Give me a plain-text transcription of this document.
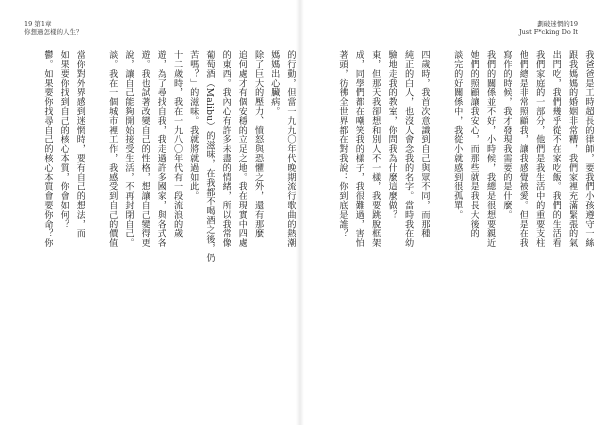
19 第1章
你想過怎樣的人生？
的行動，但當一九九〇年代晚期流行歌曲的熱潮
媽媽出心臟病。
除了巨大的壓力、憤怒與恐懼之外，還有那麼
追何處才有個安穩的立足之地。我在現實中四處
的東西。我內心有許多未盡的情緒，所以我常像
葡萄酒（Malibu）的滋味，在我都不喝酒之後，仍
苦嗎？」的滋味。我就將就過如此。
十二歲時，我在一九八〇年代有一段流浪的歲
遊，為了尋找自我，我走過許多國家，與各式各
遊。我也試著改變自己的性格，想讓自己變得更
說，讓自己能夠開始接受生活，不再封閉自己。
談。我在一個城市裡工作，我感受到自己的價值
當你對外界感到迷惘時，要有自己的想法，而
如果要你找到自己的核心本質，你會如何？
鬱。如果要你找尋自己的核心本質會要你命？你
劃破迷惘的19
Just F*cking Do It
我爸爸是工時超長的律師，要我們小孩遵守一絲
跟我媽媽的婚姻非常糟，我們家裡充滿緊張的氣
出門吃，我們幾乎從不在家吃飯。我們的生活看
我們家庭的一部分，他們是我生活中的重要支柱
他們總是非常照顧我，讓我感覺被愛。但是在我
寫作的時候，我才發現我需要的是什麼。
我們的關係並不好，小時候，我總是很想要親近
她們的照顧讓我安心，而那些就是我長大後的
談完的好關係中，我從小就感到很孤單。
四歲時，我首次意識到自己與眾不同，而那種
純正的白人，也沒人會念我的名字。當時我在幼
驗地走我的教室，你問我為什麼這麼做？
東，但那天我卻想和別人不一樣，我要跳脫框架
成，同學們都在嘲笑我的樣子，我很難過，害怕
著頭，彷彿全世界都在對我說：你到底是誰？
